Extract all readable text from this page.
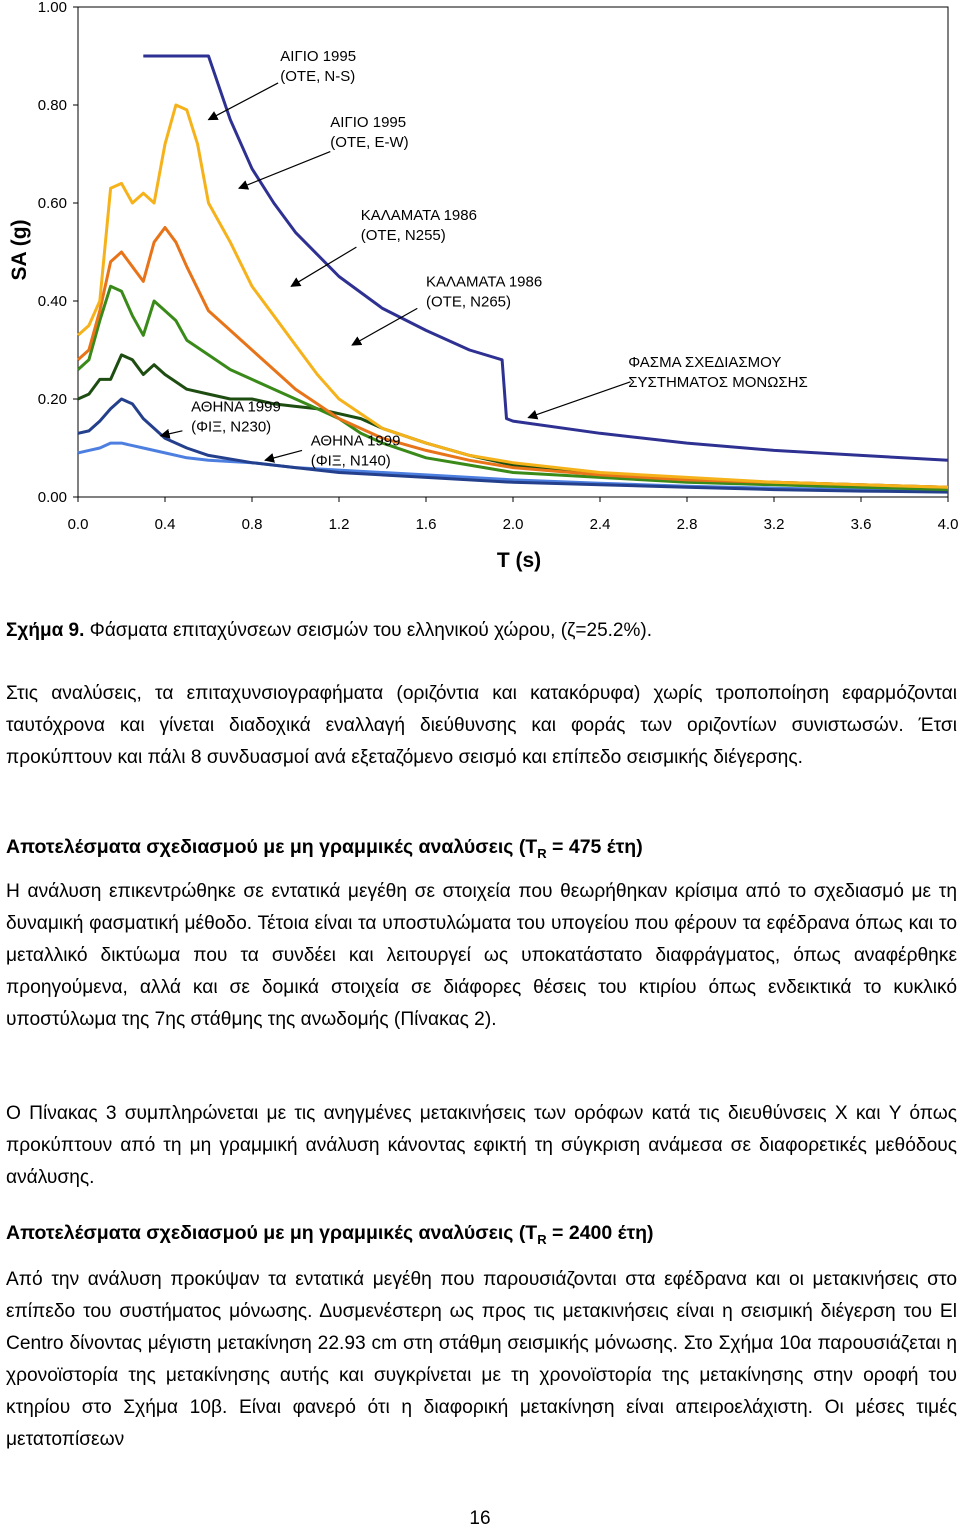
0.00
0.20
0.40
0.60
0.80
1.00
0.0	0.4	0.8	1.2	1.6	2.0	2.4	2.8	3.2	3.6	4.0
ΑΙΓΙΟ 1995 (ΟΤΕ, N-S)
ΑΙΓΙΟ 1995 (ΟΤΕ, E-W)
ΚΑΛΑΜΑΤΑ 1986 (ΟΤΕ, N255)
ΚΑΛΑΜΑΤΑ 1986 (ΟΤΕ, N265)
ΦΑΣΜΑ ΣΧΕΔΙΑΣΜΟΥ ΣΥΣΤΗΜΑΤΟΣ ΜΟΝΩΣΗΣ
ΑΘΗΝΑ 1999 (ΦΙΞ, N230)
ΑΘΗΝΑ 1999 (ΦΙΞ, N140)
SA (g)
T (s)
Σχήμα 9. Φάσματα επιταχύνσεων σεισμών του ελληνικού χώρου, (ζ=25.2%).

Στις αναλύσεις, τα επιταχυνσιογραφήματα (οριζόντια και κατακόρυφα) χωρίς τροποποίηση εφαρμόζονται ταυτόχρονα και γίνεται διαδοχικά εναλλαγή διεύθυνσης και φοράς των οριζοντίων συνιστωσών. Έτσι προκύπτουν και πάλι 8 συνδυασμοί ανά εξεταζόμενο σεισμό και επίπεδο σεισμικής διέγερσης.

Αποτελέσματα σχεδιασμού με μη γραμμικές αναλύσεις ($T_R = 475$ έτη)

Η ανάλυση επικεντρώθηκε σε εντατικά μεγέθη σε στοιχεία που θεωρήθηκαν κρίσιμα από το σχεδιασμό με τη δυναμική φασματική μέθοδο. Τέτοια είναι τα υποστυλώματα του υπογείου που φέρουν τα εφέδρανα όπως και το μεταλλικό δικτύωμα που τα συνδέει και λειτουργεί ως υποκατάστατο διαφράγματος, όπως αναφέρθηκε προηγούμενα, αλλά και σε δομικά στοιχεία σε διάφορες θέσεις του κτιρίου όπως ενδεικτικά το κυκλικό υποστύλωμα της 7ης στάθμης της ανωδομής (Πίνακας 2).

Ο Πίνακας 3 συμπληρώνεται με τις ανηγμένες μετακινήσεις των ορόφων κατά τις διευθύνσεις X και Y όπως προκύπτουν από τη μη γραμμική ανάλυση κάνοντας εφικτή τη σύγκριση ανάμεσα σε διαφορετικές μεθόδους ανάλυσης.

Αποτελέσματα σχεδιασμού με μη γραμμικές αναλύσεις ($T_R = 2400$ έτη)

Από την ανάλυση προκύψαν τα εντατικά μεγέθη που παρουσιάζονται στα εφέδρανα και οι μετακινήσεις στο επίπεδο του συστήματος μόνωσης. Δυσμενέστερη ως προς τις μετακινήσεις είναι η σεισμική διέγερση του El Centro δίνοντας μέγιστη μετακίνηση 22.93 cm στη στάθμη σεισμικής μόνωσης. Στο Σχήμα 10α παρουσιάζεται η χρονοϊστορία της μετακίνησης αυτής και συγκρίνεται με τη χρονοϊστορία της μετακίνησης στην οροφή του κτηρίου στο Σχήμα 10β. Είναι φανερό ότι η διαφορική μετακίνηση είναι απειροελάχιστη. Οι μέσες τιμές μετατοπίσεων

16
